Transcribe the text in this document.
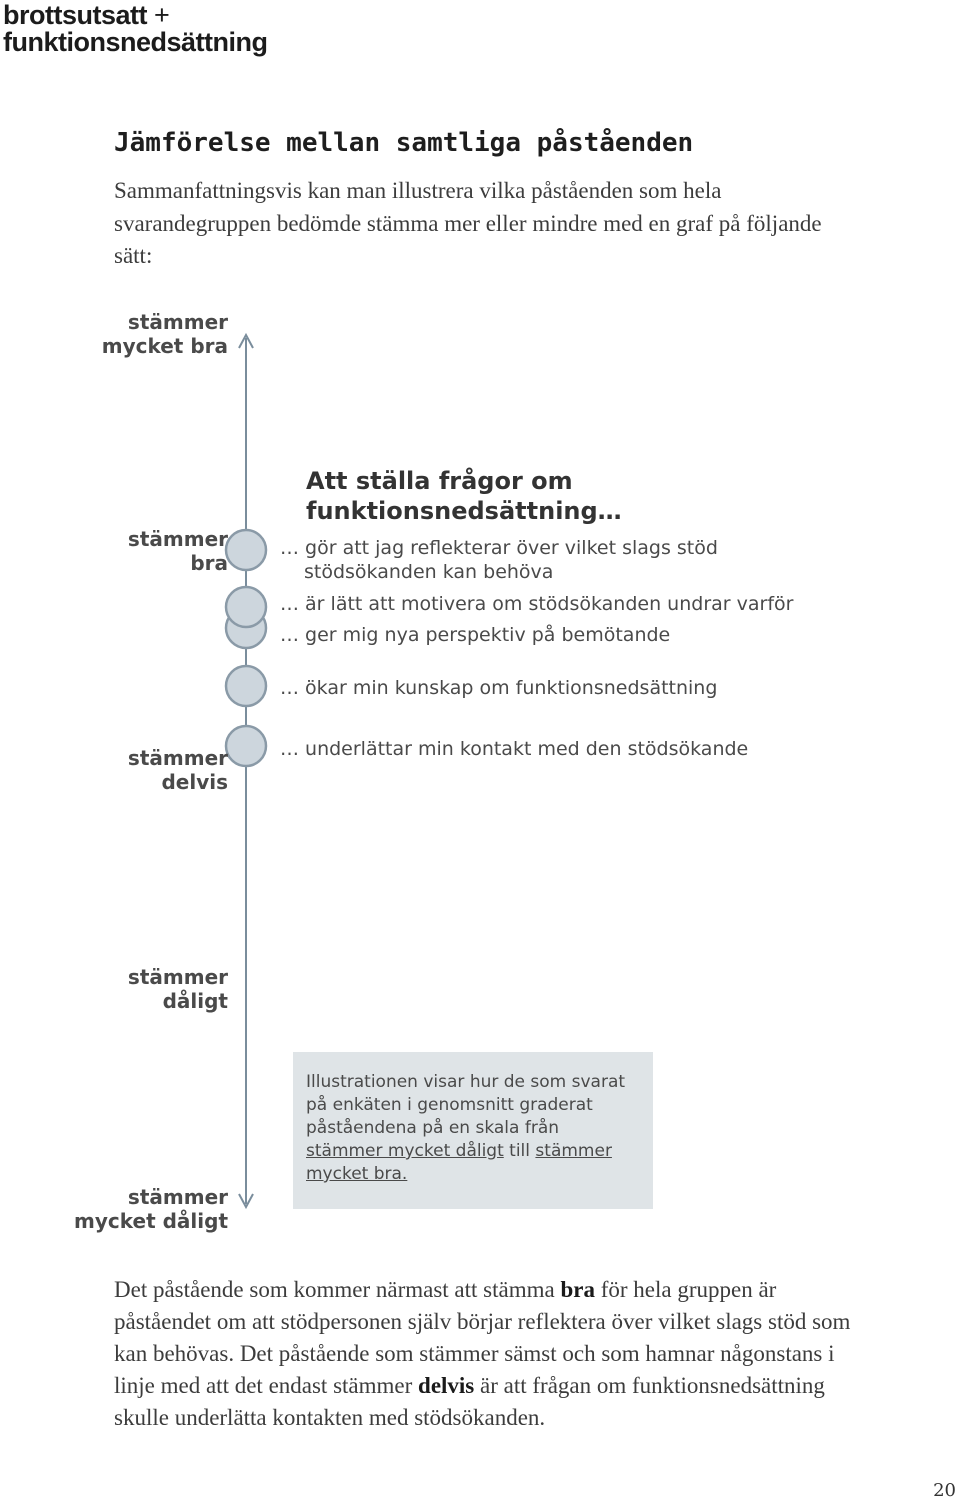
brottsutsatt +
funktionsnedsättning
Jämförelse mellan samtliga påståenden

Sammanfattningsvis kan man illustrera vilka påståenden som hela svarandegruppen bedömde stämma mer eller mindre med en graf på följande sätt:

stämmer
mycket bra
stämmer
bra
stämmer
delvis
stämmer
dåligt
stämmer
mycket dåligt
Att ställa frågor om
funktionsnedsättning…
… gör att jag reflekterar över vilket slags stöd
stödsökanden kan behöva
… är lätt att motivera om stödsökanden undrar varför
… ger mig nya perspektiv på bemötande
… ökar min kunskap om funktionsnedsättning
… underlättar min kontakt med den stödsökande
Illustrationen visar hur de som svarat på enkäten i genomsnitt graderat påståendena på en skala från stämmer mycket dåligt till stämmer mycket bra.

Det påstående som kommer närmast att stämma bra för hela gruppen är påståendet om att stödpersonen själv börjar reflektera över vilket slags stöd som kan behövas. Det påstående som stämmer sämst och som hamnar någonstans i linje med att det endast stämmer delvis är att frågan om funktionsnedsättning skulle underlätta kontakten med stödsökanden.

20
